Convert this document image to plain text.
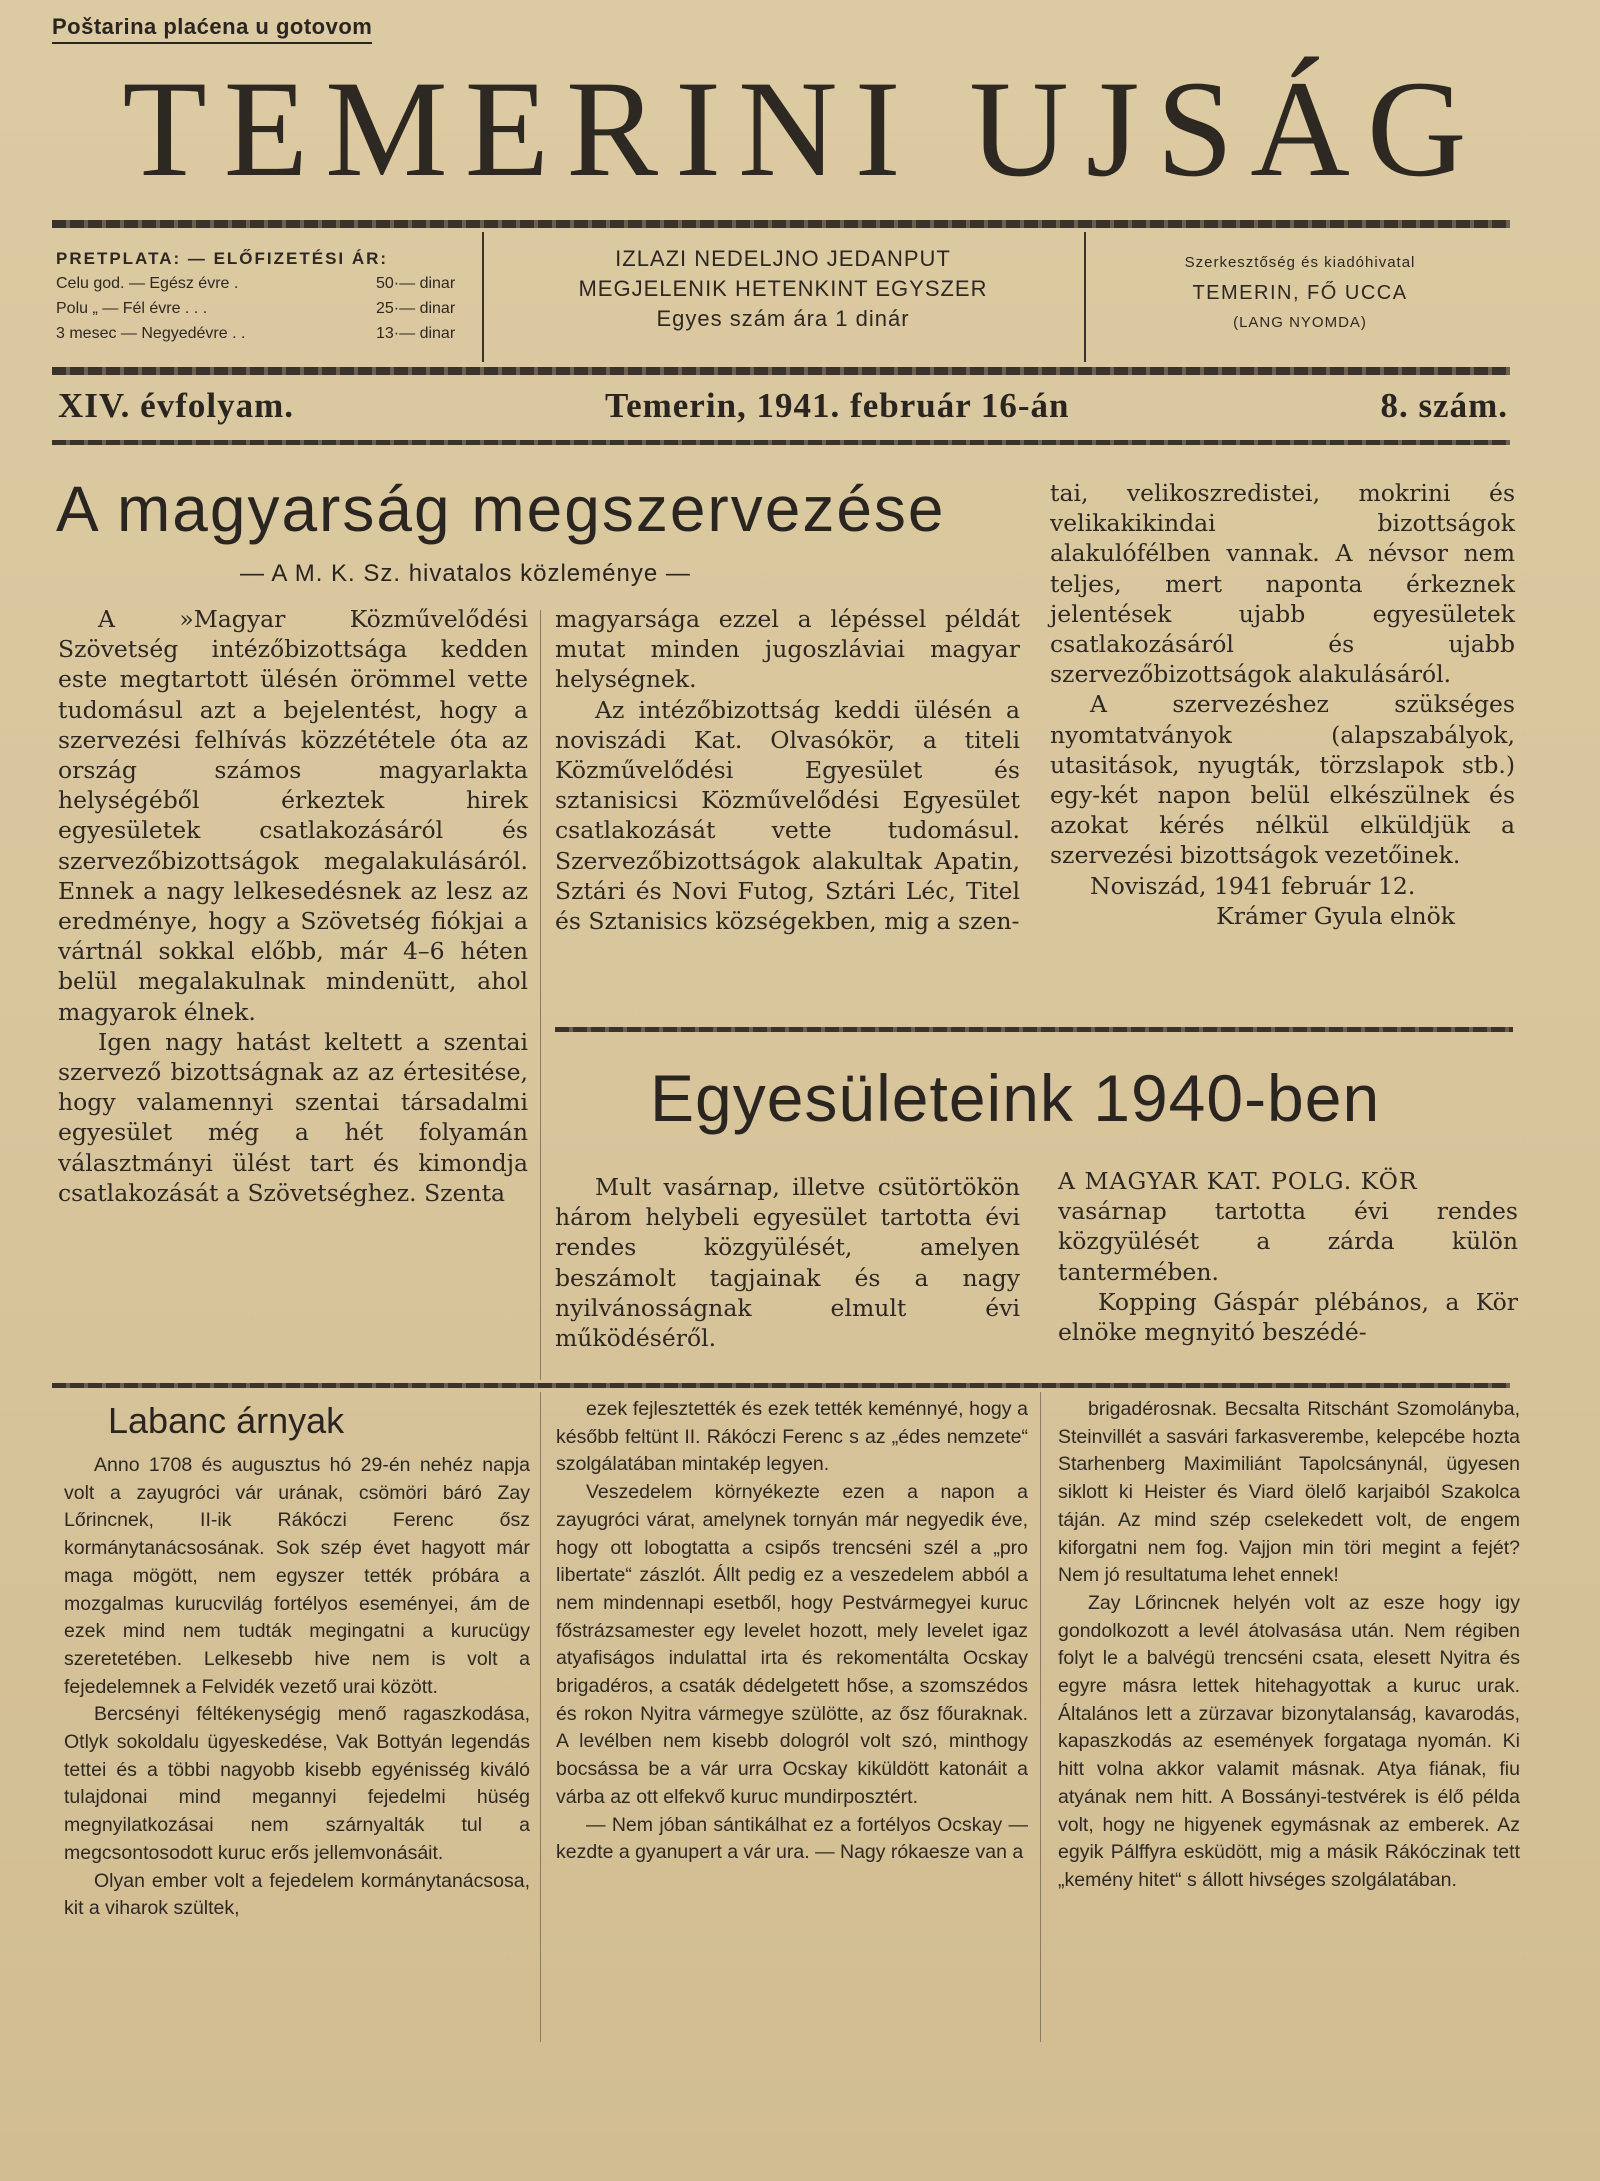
Poštarina plaćena u gotovom
TEMERINI UJSÁG
PRETPLATA: — ELŐFIZETÉSI ÁR:
Celu god. — Egész évre .	50·— dinar
Polu „ — Fél évre . . .	25·— dinar
3 mesec — Negyedévre . .	13·— dinar
IZLAZI NEDELJNO JEDANPUT
MEGJELENIK HETENKINT EGYSZER
Egyes szám ára 1 dinár
Szerkesztőség és kiadóhivatal
TEMERIN, FŐ UCCA
(LANG NYOMDA)
XIV. évfolyam.	Temerin, 1941. február 16-án	8. szám.
A magyarság megszervezése
— A M. K. Sz. hivatalos közleménye —

A »Magyar Közművelődési Szövetség intézőbizottsága kedden este megtartott ülésén örömmel vette tudomásul azt a bejelentést, hogy a szervezési felhívás közzététele óta az ország számos magyarlakta helységéből érkeztek hirek egyesületek csatlakozásáról és szervezőbizottságok megalakulásáról. Ennek a nagy lelkesedésnek az lesz az eredménye, hogy a Szövetség fiókjai a vártnál sokkal előbb, már 4–6 héten belül megalakulnak mindenütt, ahol magyarok élnek.

Igen nagy hatást keltett a szentai szervező bizottságnak az az értesitése, hogy valamennyi szentai társadalmi egyesület még a hét folyamán választmányi ülést tart és kimondja csatlakozását a Szövetséghez. Szenta

magyarsága ezzel a lépéssel példát mutat minden jugoszláviai magyar helységnek.

Az intézőbizottság keddi ülésén a noviszádi Kat. Olvasókör, a titeli Közművelődési Egyesület és sztanisicsi Közművelődési Egyesület csatlakozását vette tudomásul. Szervezőbizottságok alakultak Apatin, Sztári és Novi Futog, Sztári Léc, Titel és Sztanisics községekben, mig a szen-

tai, velikoszredistei, mokrini és velikakikindai bizottságok alakulófélben vannak. A névsor nem teljes, mert naponta érkeznek jelentések ujabb egyesületek csatlakozásáról és ujabb szervezőbizottságok alakulásáról.

A szervezéshez szükséges nyomtatványok (alapszabályok, utasitások, nyugták, törzslapok stb.) egy-két napon belül elkészülnek és azokat kérés nélkül elküldjük a szervezési bizottságok vezetőinek.

Noviszád, 1941 február 12.

Krámer Gyula elnök

Egyesületeink 1940-ben

Mult vasárnap, illetve csütörtökön három helybeli egyesület tartotta évi rendes közgyülését, amelyen beszámolt tagjainak és a nagy nyilvánosságnak elmult évi működéséről.

A MAGYAR KAT. POLG. KÖR

vasárnap tartotta évi rendes közgyülését a zárda külön tantermében.

Kopping Gáspár plébános, a Kör elnöke megnyitó beszédé-

Labanc árnyak

Anno 1708 és augusztus hó 29-én nehéz napja volt a zayugróci vár urának, csömöri báró Zay Lőrincnek, II-ik Rákóczi Ferenc ősz kormánytanácsosának. Sok szép évet hagyott már maga mögött, nem egyszer tették próbára a mozgalmas kurucvilág fortélyos eseményei, ám de ezek mind nem tudták megingatni a kurucügy szeretetében. Lelkesebb hive nem is volt a fejedelemnek a Felvidék vezető urai között.

Bercsényi féltékenységig menő ragaszkodása, Otlyk sokoldalu ügyeskedése, Vak Bottyán legendás tettei és a többi nagyobb kisebb egyénisség kiváló tulajdonai mind megannyi fejedelmi hüség megnyilatkozásai nem szárnyalták tul a megcsontosodott kuruc erős jellemvonásáit.

Olyan ember volt a fejedelem kormánytanácsosa, kit a viharok szültek,

ezek fejlesztették és ezek tették keménnyé, hogy a később feltünt II. Rákóczi Ferenc s az „édes nemzete“ szolgálatában mintakép legyen.

Veszedelem környékezte ezen a napon a zayugróci várat, amelynek tornyán már negyedik éve, hogy ott lobogtatta a csipős trencséni szél a „pro libertate“ zászlót. Állt pedig ez a veszedelem abból a nem mindennapi esetből, hogy Pestvármegyei kuruc főstrázsamester egy levelet hozott, mely levelet igaz atyafiságos indulattal irta és rekomentálta Ocskay brigadéros, a csaták dédelgetett hőse, a szomszédos és rokon Nyitra vármegye szülötte, az ősz főuraknak. A levélben nem kisebb dologról volt szó, minthogy bocsássa be a vár urra Ocskay kiküldött katonáit a várba az ott elfekvő kuruc mundirposztért.

— Nem jóban sántikálhat ez a fortélyos Ocskay — kezdte a gyanupert a vár ura. — Nagy rókaesze van a

brigadérosnak. Becsalta Ritschánt Szomolányba, Steinvillét a sasvári farkasverembe, kelepcébe hozta Starhenberg Maximiliánt Tapolcsánynál, ügyesen siklott ki Heister és Viard ölelő karjaiból Szakolca táján. Az mind szép cselekedett volt, de engem kiforgatni nem fog. Vajjon min töri megint a fejét? Nem jó resultatuma lehet ennek!

Zay Lőrincnek helyén volt az esze hogy igy gondolkozott a levél átolvasása után. Nem régiben folyt le a balvégü trencséni csata, elesett Nyitra és egyre másra lettek hitehagyottak a kuruc urak. Általános lett a zürzavar bizonytalanság, kavarodás, kapaszkodás az események forgataga nyomán. Ki hitt volna akkor valamit másnak. Atya fiának, fiu atyának nem hitt. A Bossányi-testvérek is élő példa volt, hogy ne higyenek egymásnak az emberek. Az egyik Pálffyra esküdött, mig a másik Rákóczinak tett „kemény hitet“ s állott hivséges szolgálatában.
